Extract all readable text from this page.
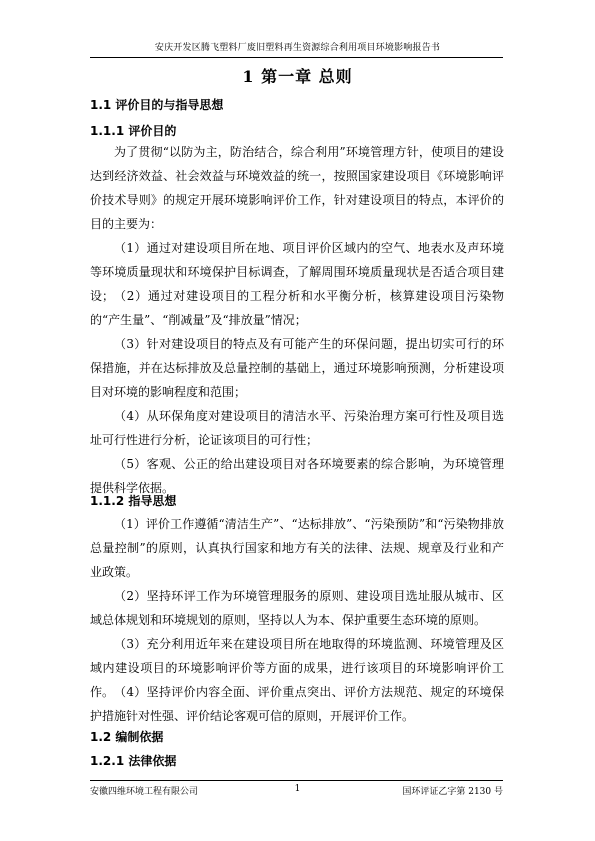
安庆开发区腾飞塑料厂废旧塑料再生资源综合利用项目环境影响报告书
1 第一章 总则
1.1 评价目的与指导思想
1.1.1 评价目的

为了贯彻“以防为主，防治结合，综合利用”环境管理方针，使项目的建设达到经济效益、社会效益与环境效益的统一，按照国家建设项目《环境影响评价技术导则》的规定开展环境影响评价工作，针对建设项目的特点，本评价的目的主要为：

（1）通过对建设项目所在地、项目评价区域内的空气、地表水及声环境等环境质量现状和环境保护目标调查，了解周围环境质量现状是否适合项目建设； （2）通过对建设项目的工程分析和水平衡分析，核算建设项目污染物的“产生量”、“削减量”及“排放量”情况；

（3）针对建设项目的特点及有可能产生的环保问题，提出切实可行的环保措施，并在达标排放及总量控制的基础上，通过环境影响预测，分析建设项目对环境的影响程度和范围；

（4）从环保角度对建设项目的清洁水平、污染治理方案可行性及项目选址可行性进行分析，论证该项目的可行性；

（5）客观、公正的给出建设项目对各环境要素的综合影响，为环境管理提供科学依据。

1.1.2 指导思想

（1）评价工作遵循“清洁生产”、“达标排放”、“污染预防”和“污染物排放总量控制”的原则，认真执行国家和地方有关的法律、法规、规章及行业和产业政策。

（2）坚持环评工作为环境管理服务的原则、建设项目选址服从城市、区域总体规划和环境规划的原则，坚持以人为本、保护重要生态环境的原则。

（3）充分利用近年来在建设项目所在地取得的环境监测、环境管理及区域内建设项目的环境影响评价等方面的成果，进行该项目的环境影响评价工作。 （4）坚持评价内容全面、评价重点突出、评价方法规范、规定的环境保护措施针对性强、评价结论客观可信的原则，开展评价工作。

1.2 编制依据
1.2.1 法律依据
安徽四维环境工程有限公司	1	国环评证乙字第 2130 号
